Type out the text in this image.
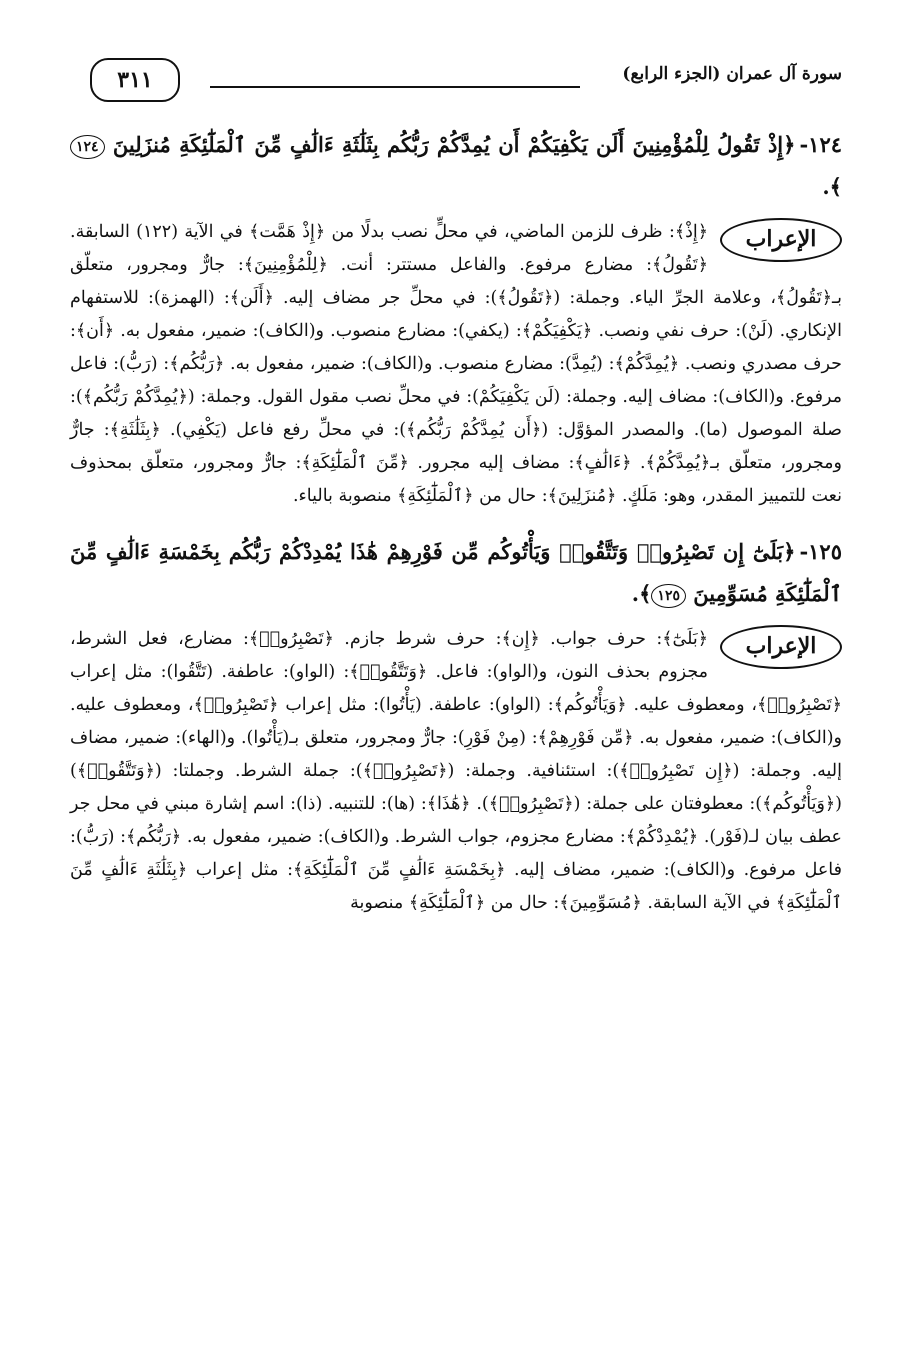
سورة آل عمران (الجزء الرابع)
٣١١
١٢٤-﴿إِذْ تَقُولُ لِلْمُؤْمِنِينَ أَلَن يَكْفِيَكُمْ أَن يُمِدَّكُمْ رَبُّكُم بِثَلَٰثَةِ ءَالَٰفٍ مِّنَ ٱلْمَلَٰٓئِكَةِ مُنزَلِينَ ١٢٤﴾.
الإعراب
﴿إِذْ﴾: ظرف للزمن الماضي، في محلٍّ نصب بدلًا من ﴿إِذْ هَمَّت﴾ في الآية (١٢٢) السابقة. ﴿تَقُولُ﴾: مضارع مرفوع. والفاعل مستتر: أنت. ﴿لِلْمُؤْمِنِينَ﴾: جارٌّ ومجرور، متعلّق بـ﴿تَقُولُ﴾، وعلامة الجرِّ الياء. وجملة: (﴿تَقُولُ﴾): في محلِّ جر مضاف إليه. ﴿أَلَن﴾: (الهمزة): للاستفهام الإنكاري. (لَنْ): حرف نفي ونصب. ﴿يَكْفِيَكُمْ﴾: (يكفي): مضارع منصوب. و(الكاف): ضمير، مفعول به. ﴿أَن﴾: حرف مصدري ونصب. ﴿يُمِدَّكُمْ﴾: (يُمِدَّ): مضارع منصوب. و(الكاف): ضمير، مفعول به. ﴿رَبُّكُم﴾: (رَبُّ): فاعل مرفوع. و(الكاف): مضاف إليه. وجملة: (لَن يَكْفِيَكُمْ): في محلِّ نصب مقول القول. وجملة: (﴿يُمِدَّكُمْ رَبُّكُم﴾): صلة الموصول (ما). والمصدر المؤوَّل: (﴿أَن يُمِدَّكُمْ رَبُّكُم﴾): في محلِّ رفع فاعل (يَكْفِي). ﴿بِثَلَٰثَةِ﴾: جارٌّ ومجرور، متعلّق بـ﴿يُمِدَّكُمْ﴾. ﴿ءَالَٰفٍ﴾: مضاف إليه مجرور. ﴿مِّنَ ٱلْمَلَٰٓئِكَةِ﴾: جارٌّ ومجرور، متعلّق بمحذوف نعت للتمييز المقدر، وهو: مَلَكٍ. ﴿مُنزَلِينَ﴾: حال من ﴿ٱلْمَلَٰٓئِكَةِ﴾ منصوبة بالياء.
١٢٥-﴿بَلَىٰٓ إِن تَصْبِرُوا۟ وَتَتَّقُوا۟ وَيَأْتُوكُم مِّن فَوْرِهِمْ هَٰذَا يُمْدِدْكُمْ رَبُّكُم بِخَمْسَةِ ءَالَٰفٍ مِّنَ ٱلْمَلَٰٓئِكَةِ مُسَوِّمِينَ ١٢٥﴾.
الإعراب
﴿بَلَىٰٓ﴾: حرف جواب. ﴿إِن﴾: حرف شرط جازم. ﴿تَصْبِرُوا۟﴾: مضارع، فعل الشرط، مجزوم بحذف النون، و(الواو): فاعل. ﴿وَتَتَّقُوا۟﴾: (الواو): عاطفة. (تَتَّقُوا): مثل إعراب ﴿تَصْبِرُوا۟﴾، ومعطوف عليه. ﴿وَيَأْتُوكُم﴾: (الواو): عاطفة. (يَأْتُوا): مثل إعراب ﴿تَصْبِرُوا۟﴾، ومعطوف عليه. و(الكاف): ضمير، مفعول به. ﴿مِّن فَوْرِهِمْ﴾: (مِنْ فَوْرِ): جارٌّ ومجرور، متعلق بـ(يَأْتُوا). و(الهاء): ضمير، مضاف إليه. وجملة: (﴿إِن تَصْبِرُوا۟﴾): استئنافية. وجملة: (﴿تَصْبِرُوا۟﴾): جملة الشرط. وجملتا: (﴿وَتَتَّقُوا۟﴾) (﴿وَيَأْتُوكُم﴾): معطوفتان على جملة: (﴿تَصْبِرُوا۟﴾). ﴿هَٰذَا﴾: (ها): للتنبيه. (ذا): اسم إشارة مبني في محل جر عطف بيان لـ(فَوْر). ﴿يُمْدِدْكُمْ﴾: مضارع مجزوم، جواب الشرط. و(الكاف): ضمير، مفعول به. ﴿رَبُّكُم﴾: (رَبُّ): فاعل مرفوع. و(الكاف): ضمير، مضاف إليه. ﴿بِخَمْسَةِ ءَالَٰفٍ مِّنَ ٱلْمَلَٰٓئِكَةِ﴾: مثل إعراب ﴿بِثَلَٰثَةِ ءَالَٰفٍ مِّنَ ٱلْمَلَٰٓئِكَةِ﴾ في الآية السابقة. ﴿مُسَوِّمِينَ﴾: حال من ﴿ٱلْمَلَٰٓئِكَةِ﴾ منصوبة
